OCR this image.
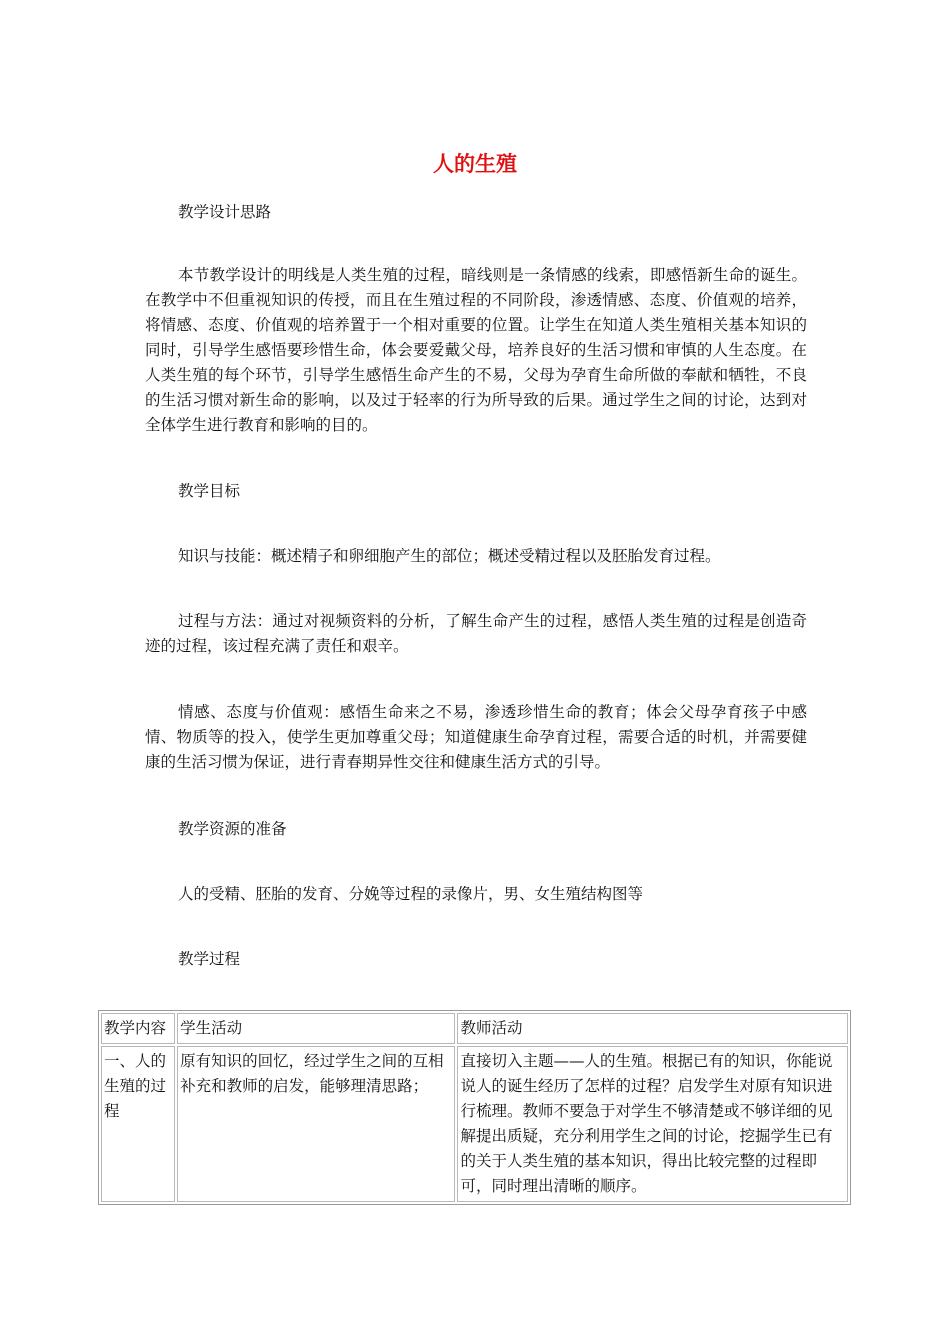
人的生殖

教学设计思路

本节教学设计的明线是人类生殖的过程，暗线则是一条情感的线索，即感悟新生命的诞生。在教学中不但重视知识的传授，而且在生殖过程的不同阶段，渗透情感、态度、价值观的培养，将情感、态度、价值观的培养置于一个相对重要的位置。让学生在知道人类生殖相关基本知识的同时，引导学生感悟要珍惜生命，体会要爱戴父母，培养良好的生活习惯和审慎的人生态度。在人类生殖的每个环节，引导学生感悟生命产生的不易，父母为孕育生命所做的奉献和牺牲，不良的生活习惯对新生命的影响，以及过于轻率的行为所导致的后果。通过学生之间的讨论，达到对全体学生进行教育和影响的目的。

教学目标

知识与技能：概述精子和卵细胞产生的部位；概述受精过程以及胚胎发育过程。

过程与方法：通过对视频资料的分析，了解生命产生的过程，感悟人类生殖的过程是创造奇迹的过程，该过程充满了责任和艰辛。

情感、态度与价值观：感悟生命来之不易，渗透珍惜生命的教育；体会父母孕育孩子中感情、物质等的投入，使学生更加尊重父母；知道健康生命孕育过程，需要合适的时机，并需要健康的生活习惯为保证，进行青春期异性交往和健康生活方式的引导。

教学资源的准备

人的受精、胚胎的发育、分娩等过程的录像片，男、女生殖结构图等

教学过程

教学内容	学生活动	教师活动
一、人的生殖的过程	原有知识的回忆，经过学生之间的互相补充和教师的启发，能够理清思路；	直接切入主题——人的生殖。根据已有的知识，你能说说人的诞生经历了怎样的过程？启发学生对原有知识进行梳理。教师不要急于对学生不够清楚或不够详细的见解提出质疑，充分利用学生之间的讨论，挖掘学生已有的关于人类生殖的基本知识，得出比较完整的过程即可，同时理出清晰的顺序。
